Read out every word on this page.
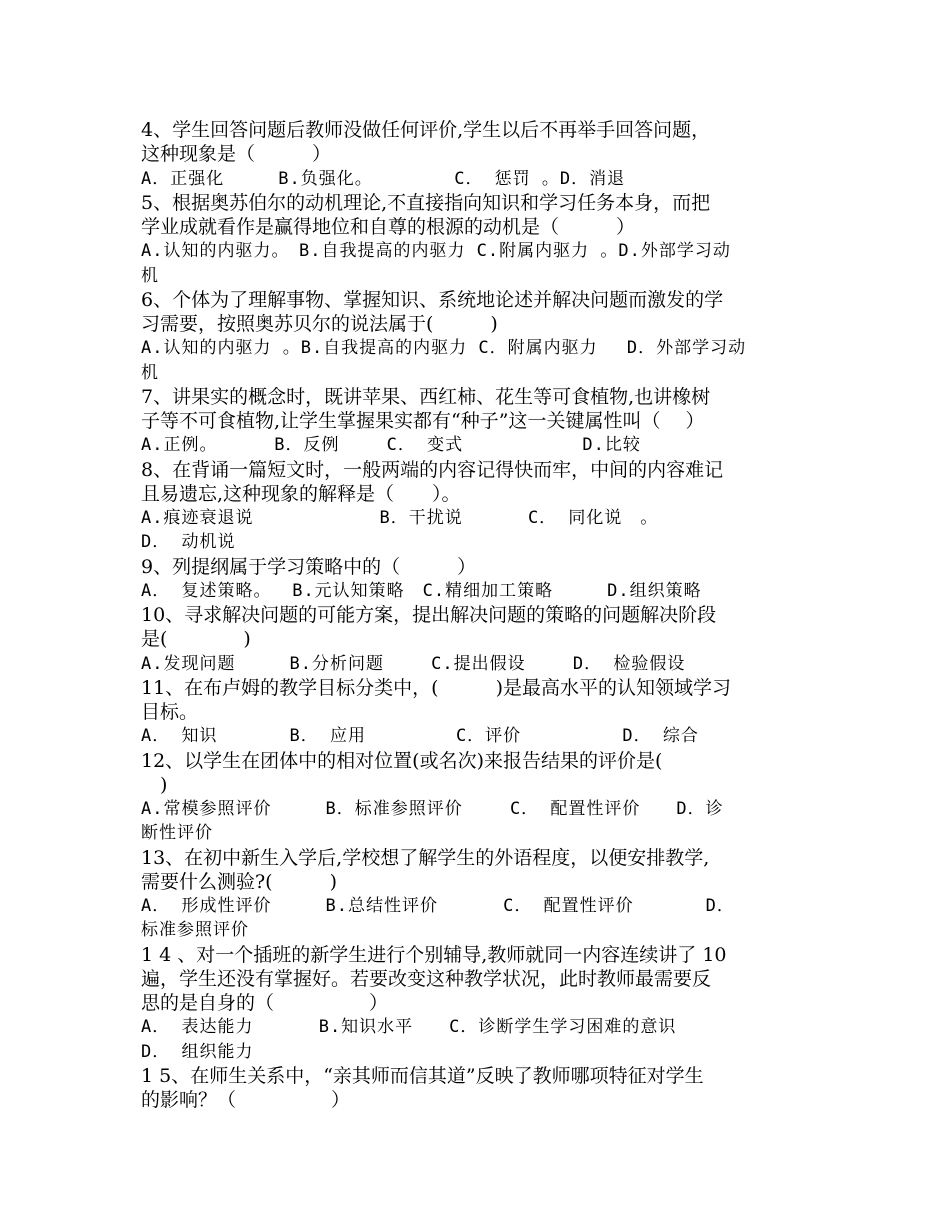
4、学生回答问题后教师没做任何评价,学生以后不再举手回答问题，
这种现象是（　　　）
A．正强化　　　B.负强化。　　　　　C． 惩罚 。D．消退
5、根据奥苏伯尔的动机理论,不直接指向知识和学习任务本身，而把
学业成就看作是赢得地位和自尊的根源的动机是（　　　）
A.认知的内驱力。　B.自我提高的内驱力 C.附属内驱力 。D.外部学习动
机
6、个体为了理解事物、掌握知识、系统地论述并解决问题而激发的学
习需要，按照奥苏贝尔的说法属于(　　　)
A.认知的内驱力 。B.自我提高的内驱力 C．附属内驱力　 D．外部学习动
机
7、讲果实的概念时，既讲苹果、西红柿、花生等可食植物,也讲橡树
子等不可食植物,让学生掌握果实都有“种子”这一关键属性叫（　 ）
A.正例。　　　 B．反例　　 C． 变式　　　　　　 D.比较
8、在背诵一篇短文时，一般两端的内容记得快而牢，中间的内容难记
且易遗忘,这种现象的解释是（　　）。
A.痕迹衰退说　　　　　　　B．干扰说　　　 C． 同化说　。
D． 动机说
9、列提纲属于学习策略中的（　　　）
A． 复述策略。　 B.元认知策略　C.精细加工策略　　　D.组织策略
10、寻求解决问题的可能方案，提出解决问题的策略的问题解决阶段
是(　　　　)
A.发现问题　　　B.分析问题　　 C.提出假设　　 D． 检验假设
11、在布卢姆的教学目标分类中，(　　　)是最高水平的认知领域学习
目标。
A． 知识　　　　B． 应用　　　　　C．评价　　　　　 D． 综合
12、以学生在团体中的相对位置(或名次)来报告结果的评价是(
　)
A.常模参照评价　　　B．标准参照评价　　 C． 配置性评价　　D．诊
断性评价
13、在初中新生入学后,学校想了解学生的外语程度，以便安排教学,
需要什么测验?(　　　)
A． 形成性评价　　　B.总结性评价　　　 C． 配置性评价　　　　D．
标准参照评价
1 4 、对一个插班的新学生进行个别辅导,教师就同一内容连续讲了 10
遍，学生还没有掌握好。若要改变这种教学状况，此时教师最需要反
思的是自身的（　　　　　）
A． 表达能力　　　 B.知识水平　　C．诊断学生学习困难的意识
D． 组织能力
1 5、在师生关系中，“亲其师而信其道”反映了教师哪项特征对学生
的影响？（　　　　　）
